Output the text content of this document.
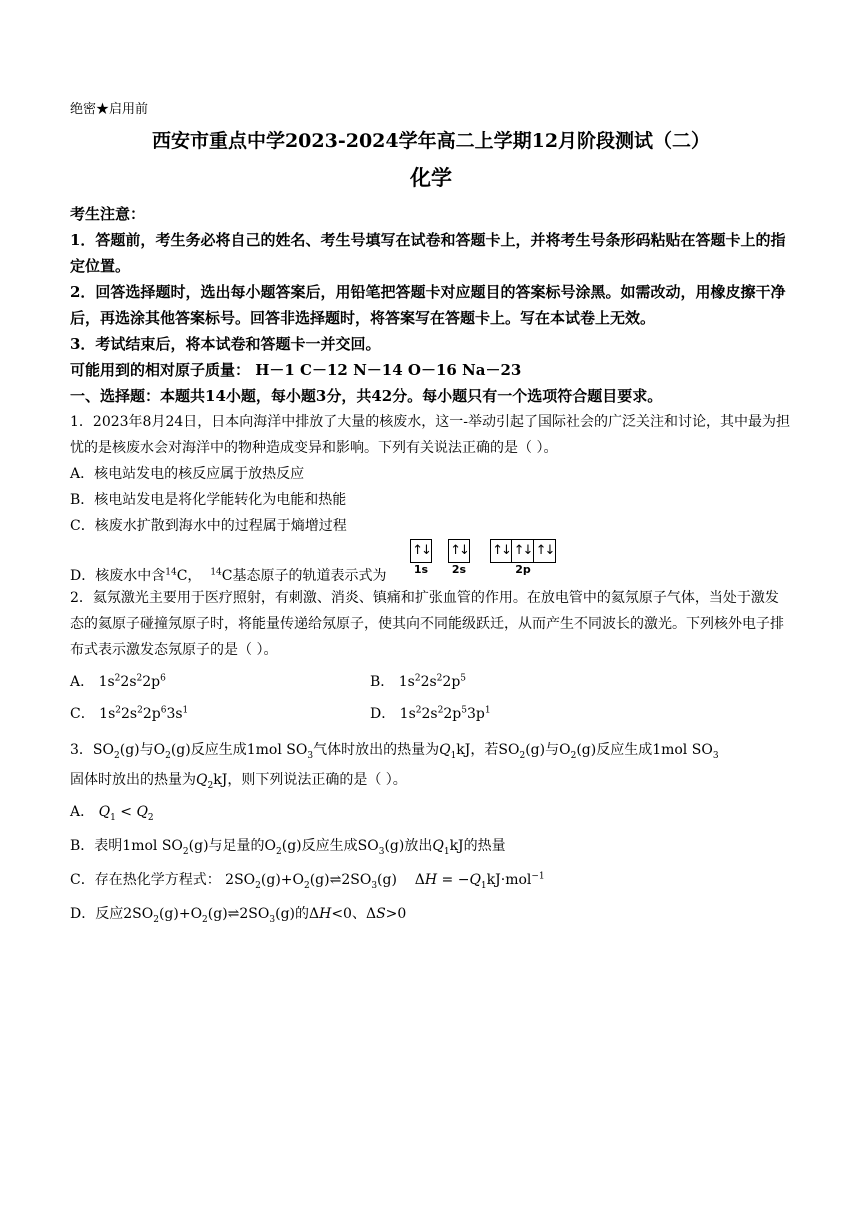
绝密★启用前
西安市重点中学2023-2024学年高二上学期12月阶段测试（二）
化学

考生注意：

1．答题前，考生务必将自己的姓名、考生号填写在试卷和答题卡上，并将考生号条形码粘贴在答题卡上的指定位置。

2．回答选择题时，选出每小题答案后，用铅笔把答题卡对应题目的答案标号涂黑。如需改动，用橡皮擦干净后，再选涂其他答案标号。回答非选择题时，将答案写在答题卡上。写在本试卷上无效。

3．考试结束后，将本试卷和答题卡一并交回。

可能用到的相对原子质量： H－1 C－12 N－14 O－16 Na－23

一、选择题：本题共14小题，每小题3分，共42分。每小题只有一个选项符合题目要求。

1．2023年8月24日，日本向海洋中排放了大量的核废水，这一-举动引起了国际社会的广泛关注和讨论，其中最为担忧的是核废水会对海洋中的物种造成变异和影响。下列有关说法正确的是（ ）。

A．核电站发电的核反应属于放热反应

B．核电站发电是将化学能转化为电能和热能

C．核废水扩散到海水中的过程属于熵增过程

D．核废水中含$^{14}$C， $^{14}$C基态原子的轨道表示式为
↑↓
1s
↑↓
2s
↑↓ ↑↓ ↑↓
2p

2．氦氖激光主要用于医疗照射，有刺激、消炎、镇痛和扩张血管的作用。在放电管中的氦氖原子气体，当处于激发态的氦原子碰撞氖原子时，将能量传递给氖原子，使其向不同能级跃迁，从而产生不同波长的激光。下列核外电子排布式表示激发态氖原子的是（ ）。

A． $1s^22s^22p^6$	B． $1s^22s^22p^5$
C． $1s^22s^22p^63s^1$	D． $1s^22s^22p^53p^1$

3．$SO_2(g)$与$O_2(g)$反应生成1mol $SO_3$气体时放出的热量为$Q_1kJ$，若$SO_2(g)$与$O_2(g)$反应生成1mol $SO_3$

固体时放出的热量为$Q_2kJ$，则下列说法正确的是（ ）。

A． $Q_1 < Q_2$

B．表明1mol $SO_2(g)$与足量的$O_2(g)$反应生成$SO_3(g)$放出$Q_1kJ$的热量

C．存在热化学方程式： $2SO_2(g)+O_2(g)\rightleftharpoons 2SO_3(g)$    $\Delta H = -Q_1kJ\cdot mol^{-1}$

D．反应$2SO_2(g)+O_2(g)\rightleftharpoons 2SO_3(g)$的ΔH<0、ΔS>0
